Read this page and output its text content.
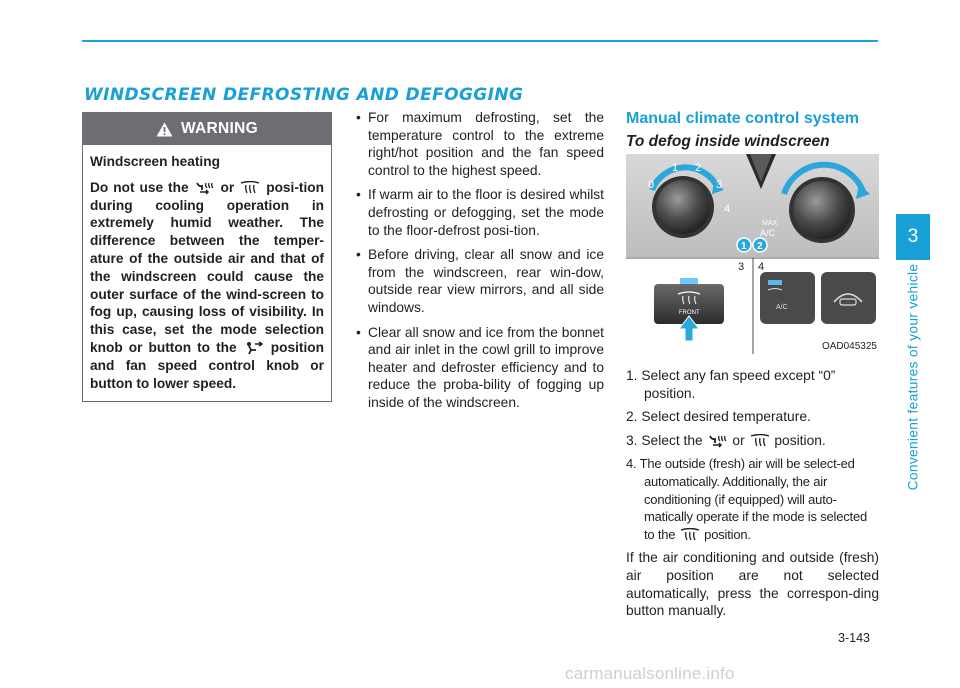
WINDSCREEN DEFROSTING AND DEFOGGING
WARNING

Windscreen heating

Do not use the or posi-tion during cooling operation in extremely humid weather. The difference between the temper-ature of the outside air and that of the windscreen could cause the outer surface of the wind-screen to fog up, causing loss of visibility. In this case, set the mode selection knob or button to the position and fan speed control knob or button to lower speed.

• For maximum defrosting, set the temperature control to the extreme right/hot position and the fan speed control to the highest speed.
• If warm air to the floor is desired whilst defrosting or defogging, set the mode to the floor-defrost posi-tion.
• Before driving, clear all snow and ice from the windscreen, rear win-dow, outside rear view mirrors, and all side windows.
• Clear all snow and ice from the bonnet and air inlet in the cowl grill to improve heater and defroster efficiency and to reduce the proba-bility of fogging up inside of the windscreen.
Manual climate control system
To defog inside windscreen
0
1 2
3
4
MAX
A/C
1 2
3 4
FRONT
A/C
OAD045325
1. Select any fan speed except “0” position.
2. Select desired temperature.
3. Select the or position.
4. The outside (fresh) air will be select-ed automatically. Additionally, the air conditioning (if equipped) will auto-matically operate if the mode is selected to the position.
If the air conditioning and outside (fresh) air position are not selected automatically, press the correspon-ding button manually.
3
Convenient features of your vehicle
3-143
carmanualsonline.info
